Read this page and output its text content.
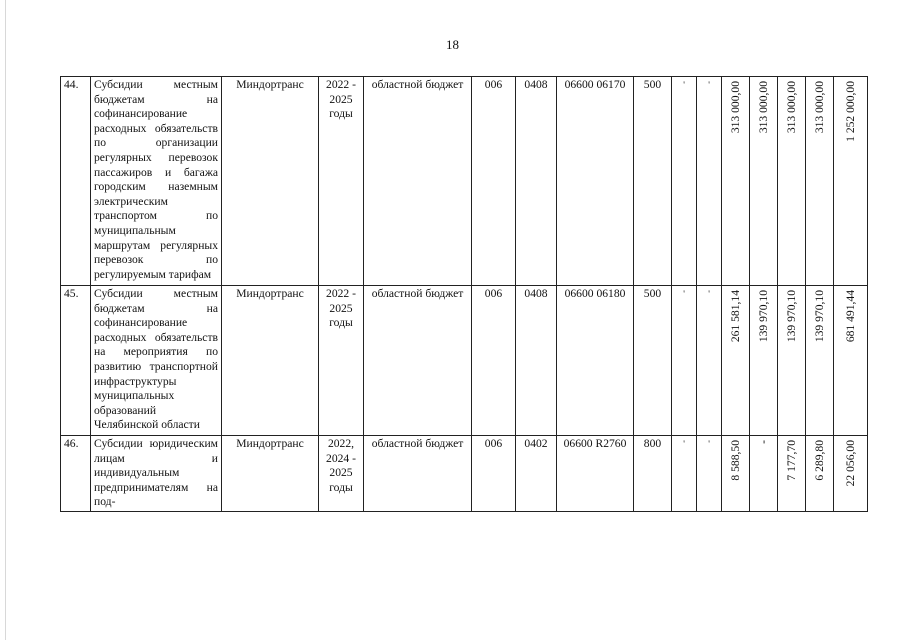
18
44.	Субсидии местным бюджетам на софинансирование расходных обязательств по организации регулярных перевозок пассажиров и багажа городским наземным электрическим транспортом по муниципальным маршрутам регулярных перевозок по регулируемым тарифам	Миндортранс	2022 - 2025 годы	областной бюджет	006	0408	06600 06170	500	'	'	313 000,00	313 000,00	313 000,00	313 000,00	1 252 000,00

45.	Субсидии местным бюджетам на софинансирование расходных обязательств на мероприятия по развитию транспортной инфраструктуры муниципальных образований Челябинской области	Миндортранс	2022 - 2025 годы	областной бюджет	006	0408	06600 06180	500	'	'	261 581,14	139 970,10	139 970,10	139 970,10	681 491,44

46.	Субсидии юридическим лицам и индивидуальным предпринимателям на под-	Миндортранс	2022, 2024 - 2025 годы	областной бюджет	006	0402	06600 R2760	800	'	'	8 588,50	-	7 177,70	6 289,80	22 056,00
